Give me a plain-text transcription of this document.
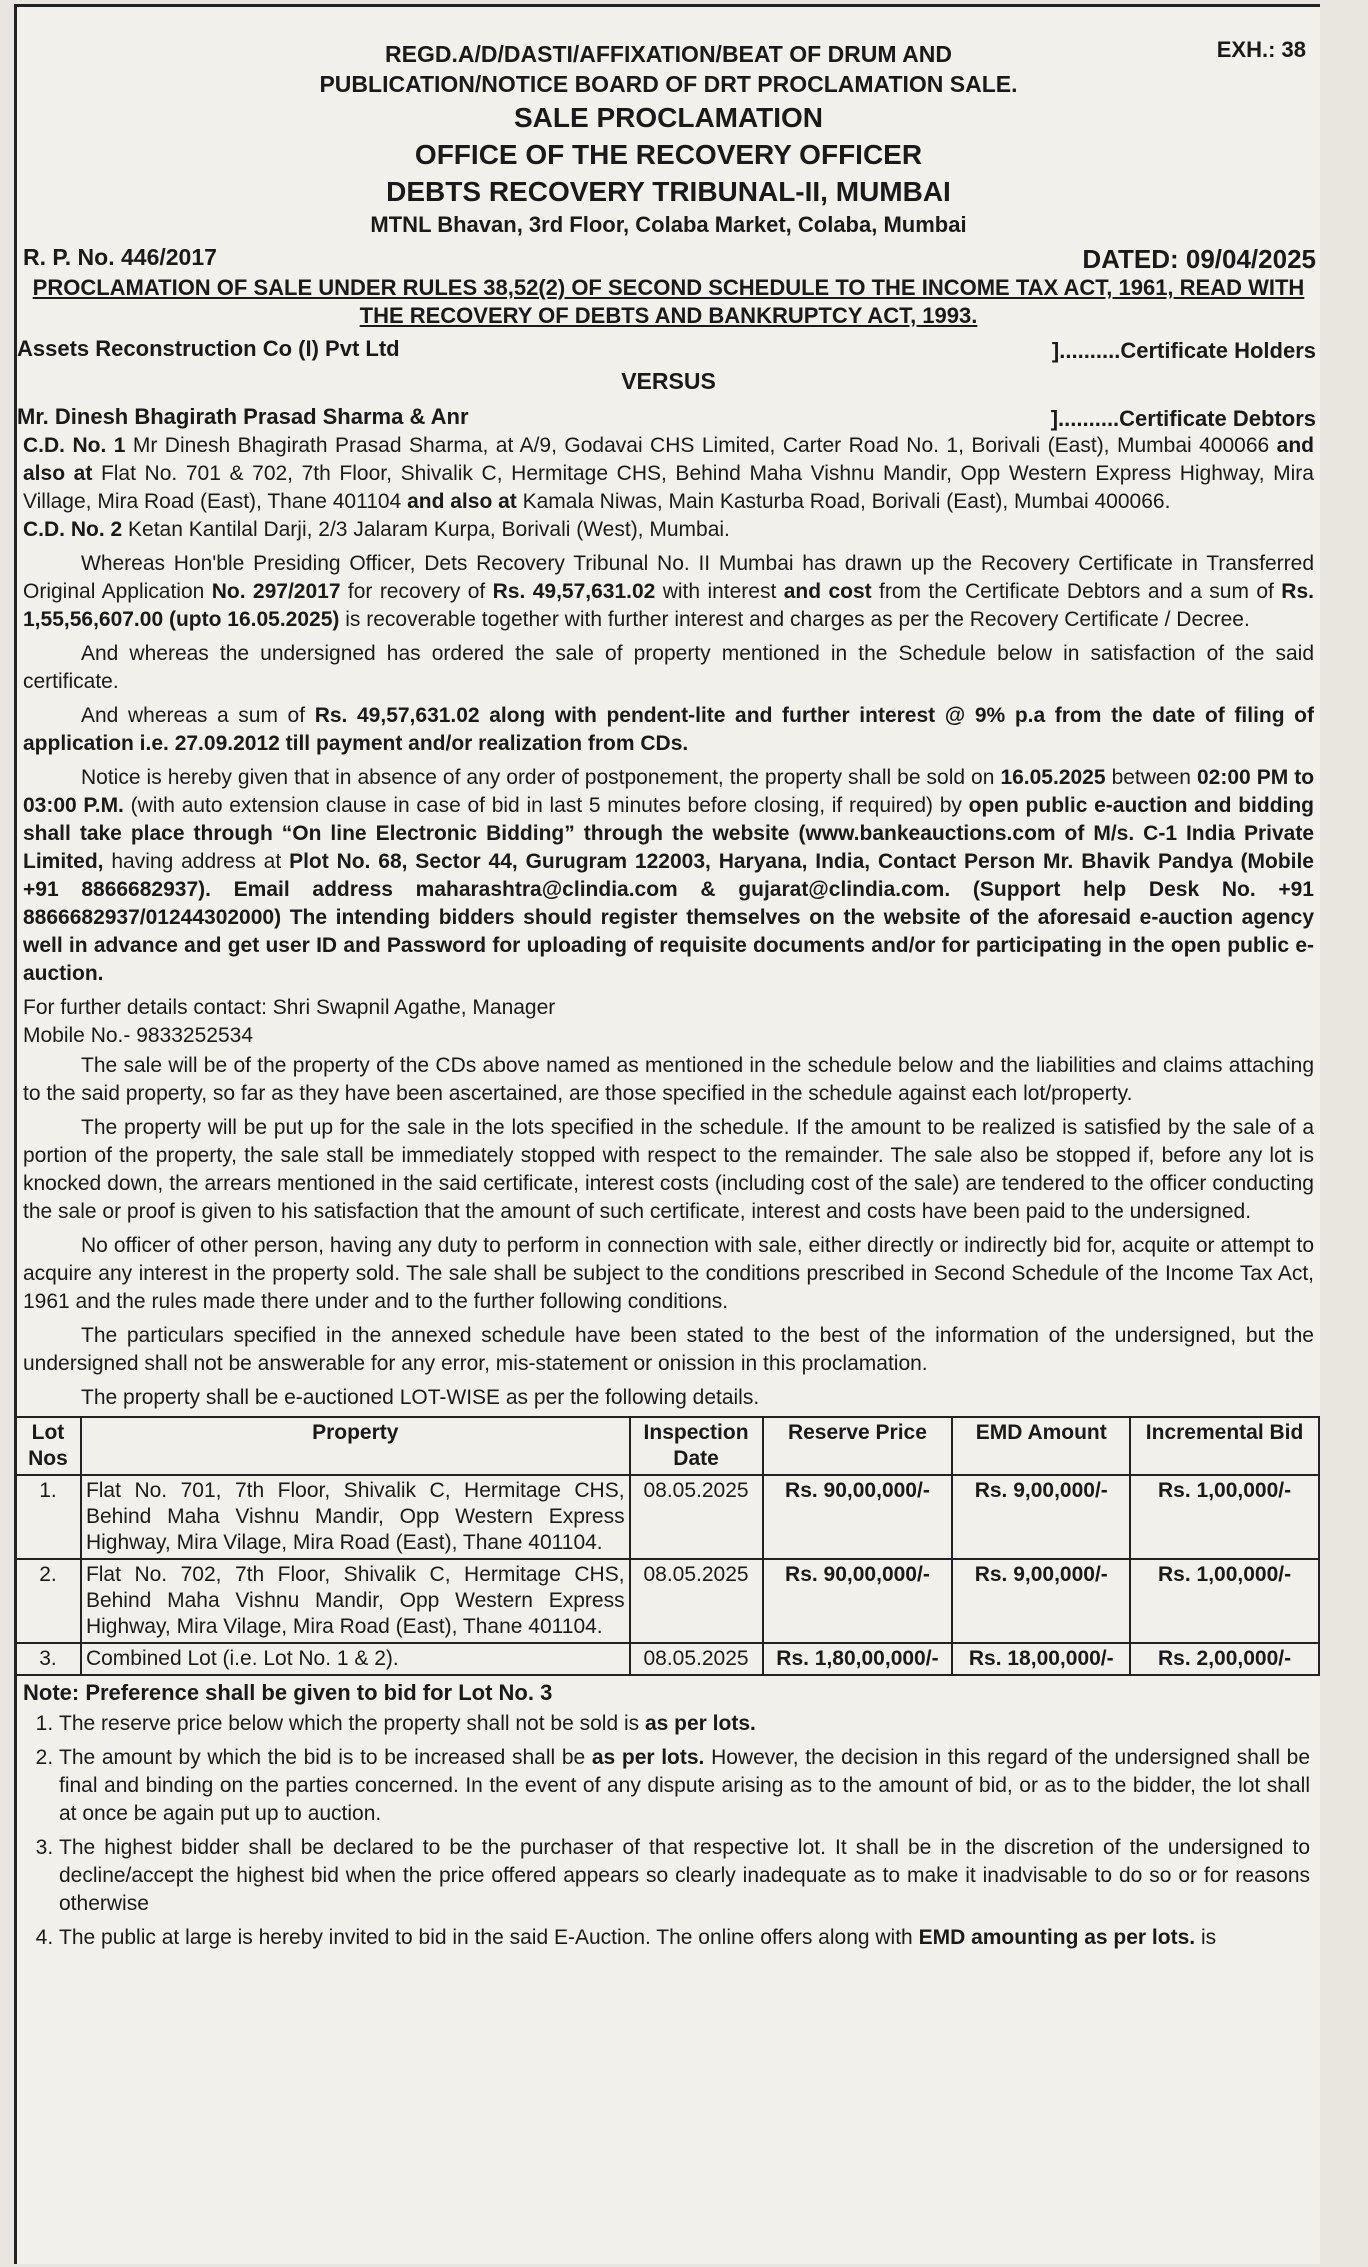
EXH.: 38
REGD.A/D/DASTI/AFFIXATION/BEAT OF DRUM AND
PUBLICATION/NOTICE BOARD OF DRT PROCLAMATION SALE.
SALE PROCLAMATION
OFFICE OF THE RECOVERY OFFICER
DEBTS RECOVERY TRIBUNAL-II, MUMBAI
MTNL Bhavan, 3rd Floor, Colaba Market, Colaba, Mumbai
R. P. No. 446/2017	DATED: 09/04/2025
PROCLAMATION OF SALE UNDER RULES 38,52(2) OF SECOND SCHEDULE TO THE INCOME TAX ACT, 1961, READ WITH
THE RECOVERY OF DEBTS AND BANKRUPTCY ACT, 1993.
Assets Reconstruction Co (I) Pvt Ltd	]..........Certificate Holders
VERSUS
Mr. Dinesh Bhagirath Prasad Sharma & Anr	]..........Certificate Debtors

C.D. No. 1 Mr Dinesh Bhagirath Prasad Sharma, at A/9, Godavai CHS Limited, Carter Road No. 1, Borivali (East), Mumbai 400066 and also at Flat No. 701 & 702, 7th Floor, Shivalik C, Hermitage CHS, Behind Maha Vishnu Mandir, Opp Western Express Highway, Mira Village, Mira Road (East), Thane 401104 and also at Kamala Niwas, Main Kasturba Road, Borivali (East), Mumbai 400066.
C.D. No. 2 Ketan Kantilal Darji, 2/3 Jalaram Kurpa, Borivali (West), Mumbai.

Whereas Hon'ble Presiding Officer, Dets Recovery Tribunal No. II Mumbai has drawn up the Recovery Certificate in Transferred Original Application No. 297/2017 for recovery of Rs. 49,57,631.02 with interest and cost from the Certificate Debtors and a sum of Rs. 1,55,56,607.00 (upto 16.05.2025) is recoverable together with further interest and charges as per the Recovery Certificate / Decree.

And whereas the undersigned has ordered the sale of property mentioned in the Schedule below in satisfaction of the said certificate.

And whereas a sum of Rs. 49,57,631.02 along with pendent-lite and further interest @ 9% p.a from the date of filing of application i.e. 27.09.2012 till payment and/or realization from CDs.

Notice is hereby given that in absence of any order of postponement, the property shall be sold on 16.05.2025 between 02:00 PM to 03:00 P.M. (with auto extension clause in case of bid in last 5 minutes before closing, if required) by open public e-auction and bidding shall take place through “On line Electronic Bidding” through the website (www.bankeauctions.com of M/s. C-1 India Private Limited, having address at Plot No. 68, Sector 44, Gurugram 122003, Haryana, India, Contact Person Mr. Bhavik Pandya (Mobile +91 8866682937). Email address maharashtra@clindia.com & gujarat@clindia.com. (Support help Desk No. +91 8866682937/01244302000) The intending bidders should register themselves on the website of the aforesaid e-auction agency well in advance and get user ID and Password for uploading of requisite documents and/or for participating in the open public e-auction.

For further details contact: Shri Swapnil Agathe, Manager
Mobile No.- 9833252534

The sale will be of the property of the CDs above named as mentioned in the schedule below and the liabilities and claims attaching to the said property, so far as they have been ascertained, are those specified in the schedule against each lot/property.

The property will be put up for the sale in the lots specified in the schedule. If the amount to be realized is satisfied by the sale of a portion of the property, the sale stall be immediately stopped with respect to the remainder. The sale also be stopped if, before any lot is knocked down, the arrears mentioned in the said certificate, interest costs (including cost of the sale) are tendered to the officer conducting the sale or proof is given to his satisfaction that the amount of such certificate, interest and costs have been paid to the undersigned.

No officer of other person, having any duty to perform in connection with sale, either directly or indirectly bid for, acquite or attempt to acquire any interest in the property sold. The sale shall be subject to the conditions prescribed in Second Schedule of the Income Tax Act, 1961 and the rules made there under and to the further following conditions.

The particulars specified in the annexed schedule have been stated to the best of the information of the undersigned, but the undersigned shall not be answerable for any error, mis-statement or onission in this proclamation.

The property shall be e-auctioned LOT-WISE as per the following details.

Lot Nos	Property	Inspection Date	Reserve Price	EMD Amount	Incremental Bid
1.	Flat No. 701, 7th Floor, Shivalik C, Hermitage CHS, Behind Maha Vishnu Mandir, Opp Western Express Highway, Mira Vilage, Mira Road (East), Thane 401104.	08.05.2025	Rs. 90,00,000/-	Rs. 9,00,000/-	Rs. 1,00,000/-
2.	Flat No. 702, 7th Floor, Shivalik C, Hermitage CHS, Behind Maha Vishnu Mandir, Opp Western Express Highway, Mira Vilage, Mira Road (East), Thane 401104.	08.05.2025	Rs. 90,00,000/-	Rs. 9,00,000/-	Rs. 1,00,000/-
3.	Combined Lot (i.e. Lot No. 1 & 2).	08.05.2025	Rs. 1,80,00,000/-	Rs. 18,00,000/-	Rs. 2,00,000/-
Note: Preference shall be given to bid for Lot No. 3
1. The reserve price below which the property shall not be sold is as per lots.
2. The amount by which the bid is to be increased shall be as per lots. However, the decision in this regard of the undersigned shall be final and binding on the parties concerned. In the event of any dispute arising as to the amount of bid, or as to the bidder, the lot shall at once be again put up to auction.
3. The highest bidder shall be declared to be the purchaser of that respective lot. It shall be in the discretion of the undersigned to decline/accept the highest bid when the price offered appears so clearly inadequate as to make it inadvisable to do so or for reasons otherwise
4. The public at large is hereby invited to bid in the said E-Auction. The online offers along with EMD amounting as per lots. is
